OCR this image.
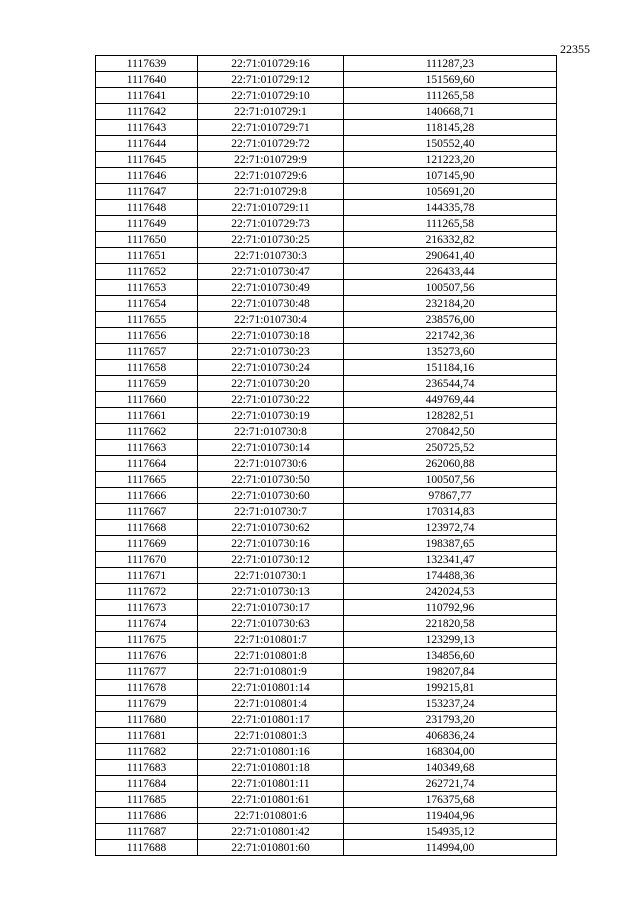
22355
1117639	22:71:010729:16	111287,23
1117640	22:71:010729:12	151569,60
1117641	22:71:010729:10	111265,58
1117642	22:71:010729:1	140668,71
1117643	22:71:010729:71	118145,28
1117644	22:71:010729:72	150552,40
1117645	22:71:010729:9	121223,20
1117646	22:71:010729:6	107145,90
1117647	22:71:010729:8	105691,20
1117648	22:71:010729:11	144335,78
1117649	22:71:010729:73	111265,58
1117650	22:71:010730:25	216332,82
1117651	22:71:010730:3	290641,40
1117652	22:71:010730:47	226433,44
1117653	22:71:010730:49	100507,56
1117654	22:71:010730:48	232184,20
1117655	22:71:010730:4	238576,00
1117656	22:71:010730:18	221742,36
1117657	22:71:010730:23	135273,60
1117658	22:71:010730:24	151184,16
1117659	22:71:010730:20	236544,74
1117660	22:71:010730:22	449769,44
1117661	22:71:010730:19	128282,51
1117662	22:71:010730:8	270842,50
1117663	22:71:010730:14	250725,52
1117664	22:71:010730:6	262060,88
1117665	22:71:010730:50	100507,56
1117666	22:71:010730:60	97867,77
1117667	22:71:010730:7	170314,83
1117668	22:71:010730:62	123972,74
1117669	22:71:010730:16	198387,65
1117670	22:71:010730:12	132341,47
1117671	22:71:010730:1	174488,36
1117672	22:71:010730:13	242024,53
1117673	22:71:010730:17	110792,96
1117674	22:71:010730:63	221820,58
1117675	22:71:010801:7	123299,13
1117676	22:71:010801:8	134856,60
1117677	22:71:010801:9	198207,84
1117678	22:71:010801:14	199215,81
1117679	22:71:010801:4	153237,24
1117680	22:71:010801:17	231793,20
1117681	22:71:010801:3	406836,24
1117682	22:71:010801:16	168304,00
1117683	22:71:010801:18	140349,68
1117684	22:71:010801:11	262721,74
1117685	22:71:010801:61	176375,68
1117686	22:71:010801:6	119404,96
1117687	22:71:010801:42	154935,12
1117688	22:71:010801:60	114994,00
